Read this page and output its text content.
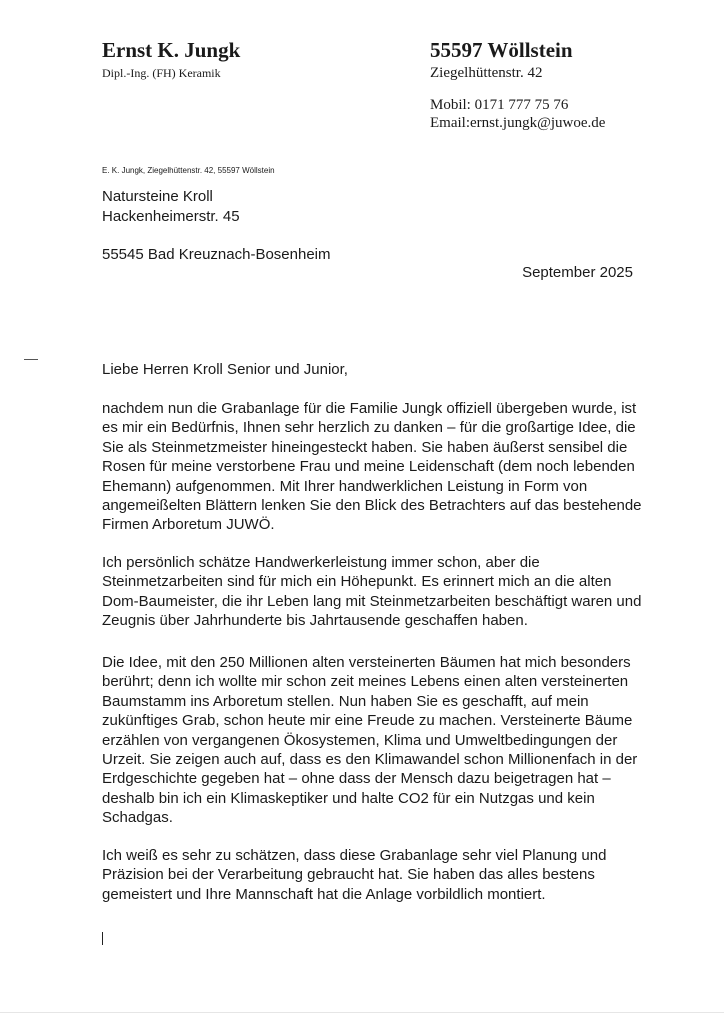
Ernst K. Jungk
Dipl.-Ing. (FH) Keramik
55597 Wöllstein
Ziegelhüttenstr. 42
Mobil: 0171 777 75 76
Email:ernst.jungk@juwoe.de
E. K. Jungk, Ziegelhüttenstr. 42, 55597 Wöllstein
Natursteine Kroll
Hackenheimerstr. 45
55545 Bad Kreuznach-Bosenheim
September 2025
Liebe Herren Kroll Senior und Junior,
nachdem nun die Grabanlage für die Familie Jungk offiziell übergeben wurde, ist es mir ein Bedürfnis, Ihnen sehr herzlich zu danken – für die großartige Idee, die Sie als Steinmetzmeister hineingesteckt haben. Sie haben äußerst sensibel die Rosen für meine verstorbene Frau und meine Leidenschaft (dem noch lebenden Ehemann) aufgenommen. Mit Ihrer handwerklichen Leistung in Form von angemeißelten Blättern lenken Sie den Blick des Betrachters auf das bestehende Firmen Arboretum JUWÖ.
Ich persönlich schätze Handwerkerleistung immer schon, aber die Steinmetzarbeiten sind für mich ein Höhepunkt. Es erinnert mich an die alten Dom-Baumeister, die ihr Leben lang mit Steinmetzarbeiten beschäftigt waren und Zeugnis über Jahrhunderte bis Jahrtausende geschaffen haben.
Die Idee, mit den 250 Millionen alten versteinerten Bäumen hat mich besonders berührt; denn ich wollte mir schon zeit meines Lebens einen alten versteinerten Baumstamm ins Arboretum stellen. Nun haben Sie es geschafft, auf mein zukünftiges Grab, schon heute mir eine Freude zu machen. Versteinerte Bäume erzählen von vergangenen Ökosystemen, Klima und Umweltbedingungen der Urzeit. Sie zeigen auch auf, dass es den Klimawandel schon Millionenfach in der Erdgeschichte gegeben hat – ohne dass der Mensch dazu beigetragen hat – deshalb bin ich ein Klimaskeptiker und halte CO2 für ein Nutzgas und kein Schadgas.
Ich weiß es sehr zu schätzen, dass diese Grabanlage sehr viel Planung und Präzision bei der Verarbeitung gebraucht hat. Sie haben das alles bestens gemeistert und Ihre Mannschaft hat die Anlage vorbildlich montiert.
